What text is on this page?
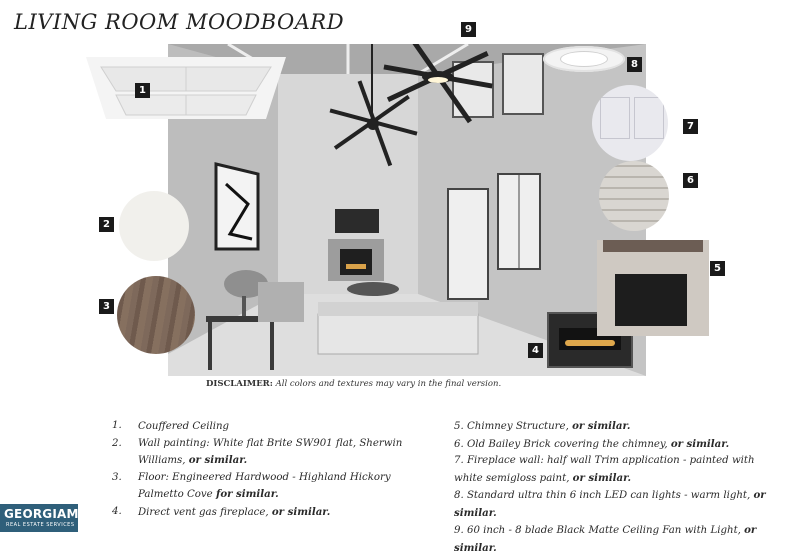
LIVING ROOM MOODBOARD
1
2
3
4
5
6
7
8
9
DISCLAIMER: All colors and textures may vary in the final version.
1.	Couffered Ceiling
2.	Wall painting: White flat Brite SW901 flat, Sherwin Williams, or similar.
3.	Floor: Engineered Hardwood - Highland Hickory Palmetto Cove for similar.
4.	Direct vent gas fireplace, or similar.
5. Chimney Structure, or similar.
6. Old Bailey Brick covering the chimney, or similar.
7. Fireplace wall: half wall Trim application - painted with white semigloss paint, or similar.
8. Standard ultra thin 6 inch LED can lights - warm light, or similar.
9. 60 inch - 8 blade Black Matte Ceiling Fan with Light, or similar.
GEORGIAMLS
REAL ESTATE SERVICES
